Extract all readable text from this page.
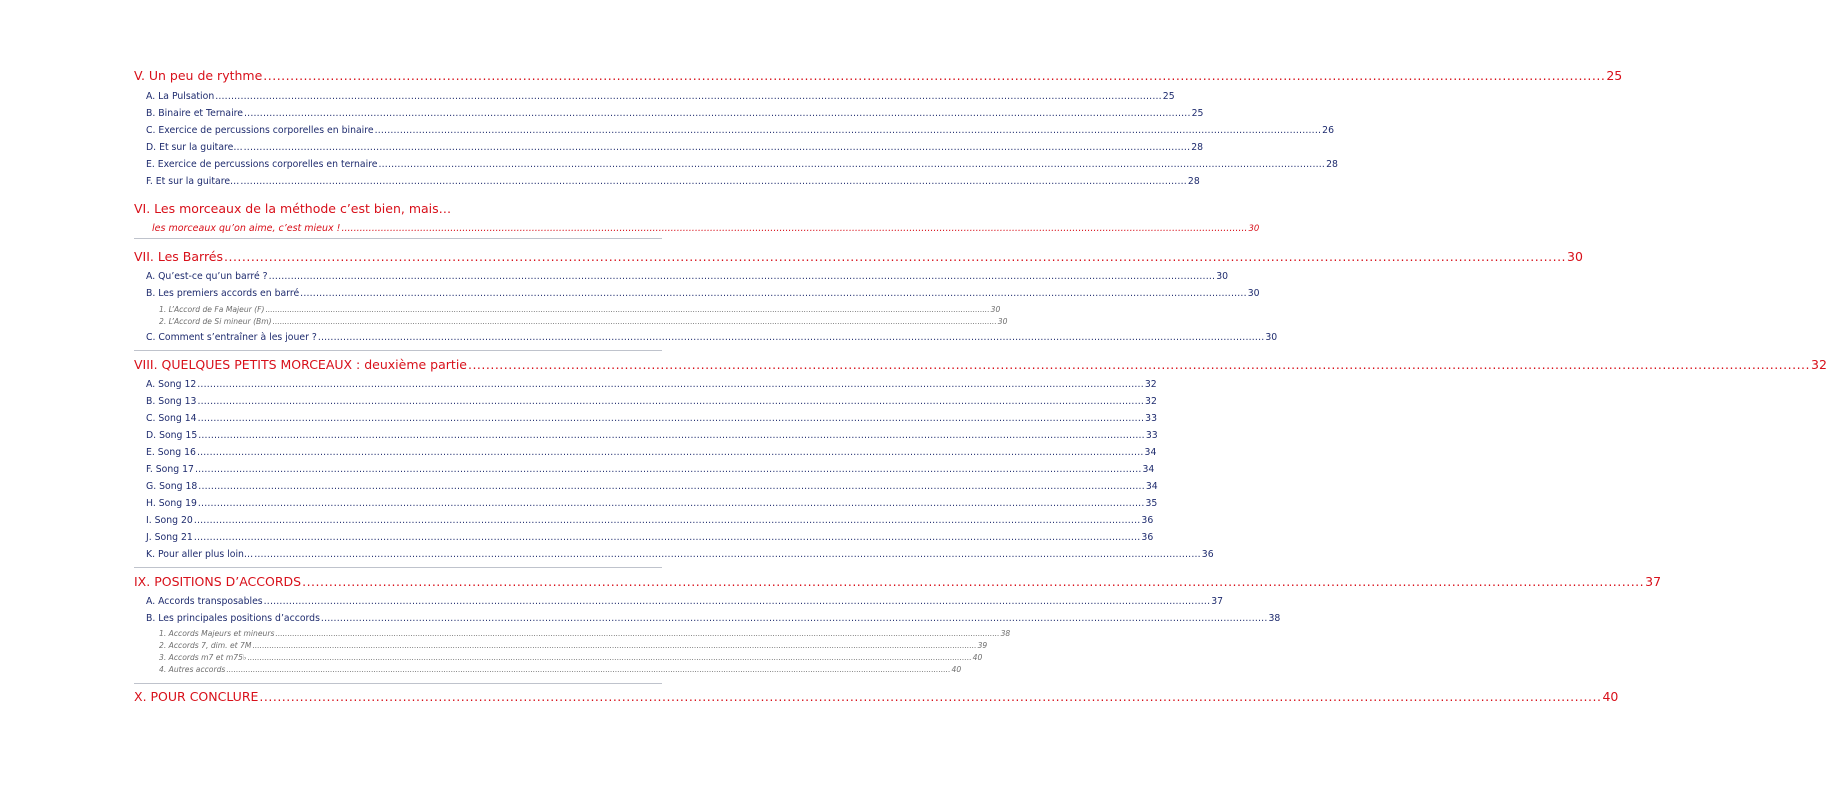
V. Un peu de rythme ............................................................................................................................................................................................................................................................................................................ 25
A. La Pulsation ............................................................................................................................................................................................................................................................................................................ 25
B. Binaire et Ternaire ............................................................................................................................................................................................................................................................................................................ 25
C. Exercice de percussions corporelles en binaire ............................................................................................................................................................................................................................................................................................................ 26
D. Et sur la guitare… ............................................................................................................................................................................................................................................................................................................ 28
E. Exercice de percussions corporelles en ternaire ............................................................................................................................................................................................................................................................................................................ 28
F. Et sur la guitare… ............................................................................................................................................................................................................................................................................................................ 28
VI. Les morceaux de la méthode c’est bien, mais…
les morceaux qu’on aime, c’est mieux ! ............................................................................................................................................................................................................................................................................................................ 30
VII. Les Barrés ............................................................................................................................................................................................................................................................................................................ 30
A. Qu’est-ce qu’un barré ? ............................................................................................................................................................................................................................................................................................................ 30
B. Les premiers accords en barré ............................................................................................................................................................................................................................................................................................................ 30
1. L’Accord de Fa Majeur (F) ............................................................................................................................................................................................................................................................................................................ 30
2. L’Accord de Si mineur (Bm) ............................................................................................................................................................................................................................................................................................................ 30
C. Comment s’entraîner à les jouer ? ............................................................................................................................................................................................................................................................................................................ 30
VIII. QUELQUES PETITS MORCEAUX : deuxième partie ............................................................................................................................................................................................................................................................................................................ 32
A. Song 12 ............................................................................................................................................................................................................................................................................................................ 32
B. Song 13 ............................................................................................................................................................................................................................................................................................................ 32
C. Song 14 ............................................................................................................................................................................................................................................................................................................ 33
D. Song 15 ............................................................................................................................................................................................................................................................................................................ 33
E. Song 16 ............................................................................................................................................................................................................................................................................................................ 34
F. Song 17 ............................................................................................................................................................................................................................................................................................................ 34
G. Song 18 ............................................................................................................................................................................................................................................................................................................ 34
H. Song 19 ............................................................................................................................................................................................................................................................................................................ 35
I. Song 20 ............................................................................................................................................................................................................................................................................................................ 36
J. Song 21 ............................................................................................................................................................................................................................................................................................................ 36
K. Pour aller plus loin… ............................................................................................................................................................................................................................................................................................................ 36
IX. POSITIONS D’ACCORDS ............................................................................................................................................................................................................................................................................................................ 37
A. Accords transposables ............................................................................................................................................................................................................................................................................................................ 37
B. Les principales positions d’accords ............................................................................................................................................................................................................................................................................................................ 38
1. Accords Majeurs et mineurs ............................................................................................................................................................................................................................................................................................................ 38
2. Accords 7, dim. et 7M ............................................................................................................................................................................................................................................................................................................ 39
3. Accords m7 et m75♭ ............................................................................................................................................................................................................................................................................................................ 40
4. Autres accords ............................................................................................................................................................................................................................................................................................................ 40
X. POUR CONCLURE ............................................................................................................................................................................................................................................................................................................ 40
